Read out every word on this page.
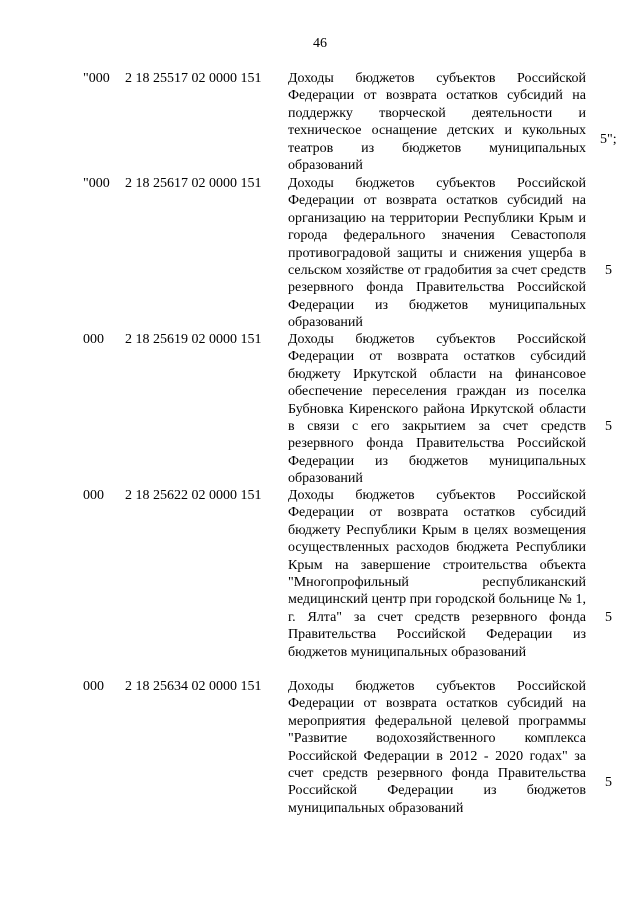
46
"000 2 18 25517 02 0000 151 Доходы бюджетов субъектов Российской Федерации от возврата остатков субсидий на поддержку творческой деятельности и техническое оснащение детских и кукольных театров из бюджетов муниципальных образований
5";
"000 2 18 25617 02 0000 151 Доходы бюджетов субъектов Российской Федерации от возврата остатков субсидий на организацию на территории Республики Крым и города федерального значения Севастополя противоградовой защиты и снижения ущерба в сельском хозяйстве от градобития за счет средств резервного фонда Правительства Российской Федерации из бюджетов муниципальных образований
5
000 2 18 25619 02 0000 151 Доходы бюджетов субъектов Российской Федерации от возврата остатков субсидий бюджету Иркутской области на финансовое обеспечение переселения граждан из поселка Бубновка Киренского района Иркутской области в связи с его закрытием за счет средств резервного фонда Правительства Российской Федерации из бюджетов муниципальных образований
5
000 2 18 25622 02 0000 151 Доходы бюджетов субъектов Российской Федерации от возврата остатков субсидий бюджету Республики Крым в целях возмещения осуществленных расходов бюджета Республики Крым на завершение строительства объекта "Многопрофильный республиканский медицинский центр при городской больнице № 1, г. Ялта" за счет средств резервного фонда Правительства Российской Федерации из бюджетов муниципальных образований
5
000 2 18 25634 02 0000 151 Доходы бюджетов субъектов Российской Федерации от возврата остатков субсидий на мероприятия федеральной целевой программы "Развитие водохозяйственного комплекса Российской Федерации в 2012 - 2020 годах" за счет средств резервного фонда Правительства Российской Федерации из бюджетов муниципальных образований
5
